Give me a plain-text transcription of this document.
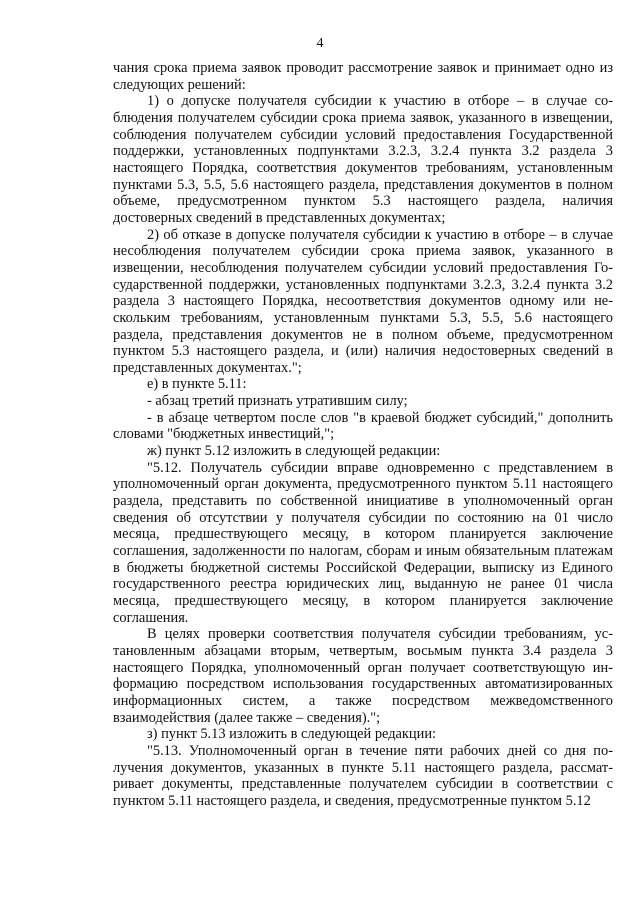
4

чания срока приема заявок проводит рассмотрение заявок и принимает одно из следующих решений:

1) о допуске получателя субсидии к участию в отборе – в случае соблюдения получателем субсидии срока приема заявок, указанного в извещении, соблюдения получателем субсидии условий предоставления Государственной поддержки, установленных подпунктами 3.2.3, 3.2.4 пункта 3.2 раздела 3 настоящего Порядка, соответствия документов требованиям, установленным пунктами 5.3, 5.5, 5.6 настоящего раздела, представления документов в полном объеме, предусмотренном пунктом 5.3 настоящего раздела, наличия достоверных сведений в представленных документах;

2) об отказе в допуске получателя субсидии к участию в отборе – в случае несоблюдения получателем субсидии срока приема заявок, указанного в извещении, несоблюдения получателем субсидии условий предоставления Государственной поддержки, установленных подпунктами 3.2.3, 3.2.4 пункта 3.2 раздела 3 настоящего Порядка, несоответствия документов одному или нескольким требованиям, установленным пунктами 5.3, 5.5, 5.6 настоящего раздела, представления документов не в полном объеме, предусмотренном пунктом 5.3 настоящего раздела, и (или) наличия недостоверных сведений в представленных документах.";

е) в пункте 5.11:

- абзац третий признать утратившим силу;

- в абзаце четвертом после слов "в краевой бюджет субсидий," дополнить словами "бюджетных инвестиций,";

ж) пункт 5.12 изложить в следующей редакции:

"5.12. Получатель субсидии вправе одновременно с представлением в уполномоченный орган документа, предусмотренного пунктом 5.11 настоящего раздела, представить по собственной инициативе в уполномоченный орган сведения об отсутствии у получателя субсидии по состоянию на 01 число месяца, предшествующего месяцу, в котором планируется заключение соглашения, задолженности по налогам, сборам и иным обязательным платежам в бюджеты бюджетной системы Российской Федерации, выписку из Единого государственного реестра юридических лиц, выданную не ранее 01 числа месяца, предшествующего месяцу, в котором планируется заключение соглашения.

В целях проверки соответствия получателя субсидии требованиям, установленным абзацами вторым, четвертым, восьмым пункта 3.4 раздела 3 настоящего Порядка, уполномоченный орган получает соответствующую информацию посредством использования государственных автоматизированных информационных систем, а также посредством межведомственного взаимодействия (далее также – сведения).";

з) пункт 5.13 изложить в следующей редакции:

"5.13. Уполномоченный орган в течение пяти рабочих дней со дня получения документов, указанных в пункте 5.11 настоящего раздела, рассматривает документы, представленные получателем субсидии в соответствии с пунктом 5.11 настоящего раздела, и сведения, предусмотренные пунктом 5.12
